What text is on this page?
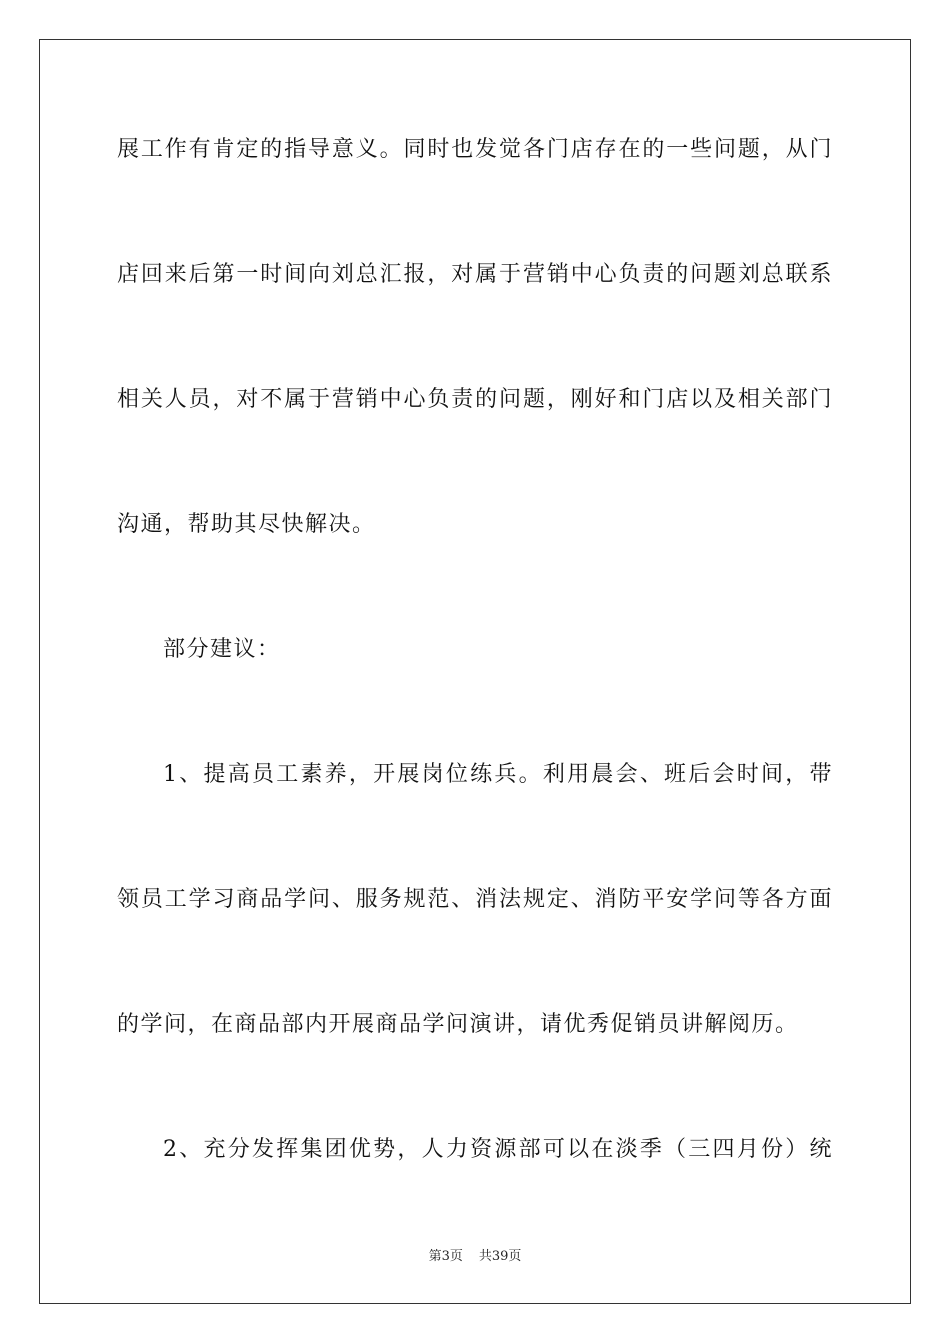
展工作有肯定的指导意义。同时也发觉各门店存在的一些问题，从门
店回来后第一时间向刘总汇报，对属于营销中心负责的问题刘总联系
相关人员，对不属于营销中心负责的问题，刚好和门店以及相关部门
沟通，帮助其尽快解决。
部分建议：
1、提高员工素养，开展岗位练兵。利用晨会、班后会时间，带
领员工学习商品学问、服务规范、消法规定、消防平安学问等各方面
的学问，在商品部内开展商品学问演讲，请优秀促销员讲解阅历。
2、充分发挥集团优势，人力资源部可以在淡季（三四月份）统
第3页 共39页
